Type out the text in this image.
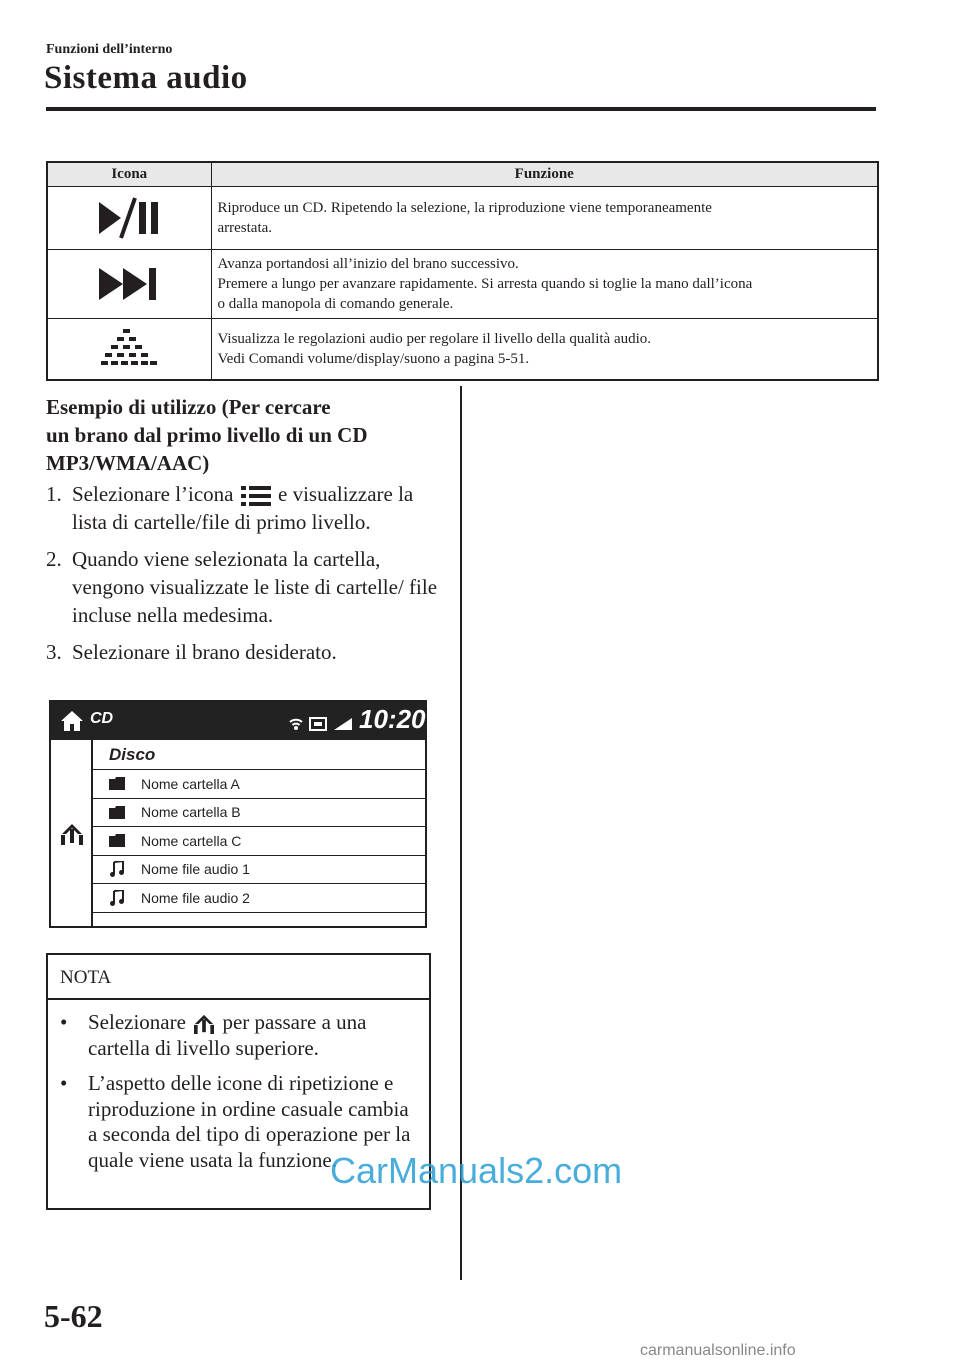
Funzioni dell’interno
Sistema audio
Icona	Funzione

Riproduce un CD. Ripetendo la selezione, la riproduzione viene temporaneamente
arrestata.

Avanza portandosi all’inizio del brano successivo.
Premere a lungo per avanzare rapidamente. Si arresta quando si toglie la mano dall’icona
o dalla manopola di comando generale.

Visualizza le regolazioni audio per regolare il livello della qualità audio.
Vedi Comandi volume/display/suono a pagina 5-51.
Esempio di utilizzo (Per cercare
un brano dal primo livello di un CD
MP3/WMA/AAC)
1. Selezionare l’icona e visualizzare la lista di cartelle/file di primo livello.
2. Quando viene selezionata la cartella, vengono visualizzate le liste di cartelle/ file incluse nella medesima.
3. Selezionare il brano desiderato.
CD	10:20
Disco
Nome cartella A
Nome cartella B
Nome cartella C
Nome file audio 1
Nome file audio 2
NOTA
• Selezionare per passare a una cartella di livello superiore.
• L’aspetto delle icone di ripetizione e riproduzione in ordine casuale cambia a seconda del tipo di operazione per la quale viene usata la funzione.
CarManuals2.com
5-62
carmanualsonline.info
